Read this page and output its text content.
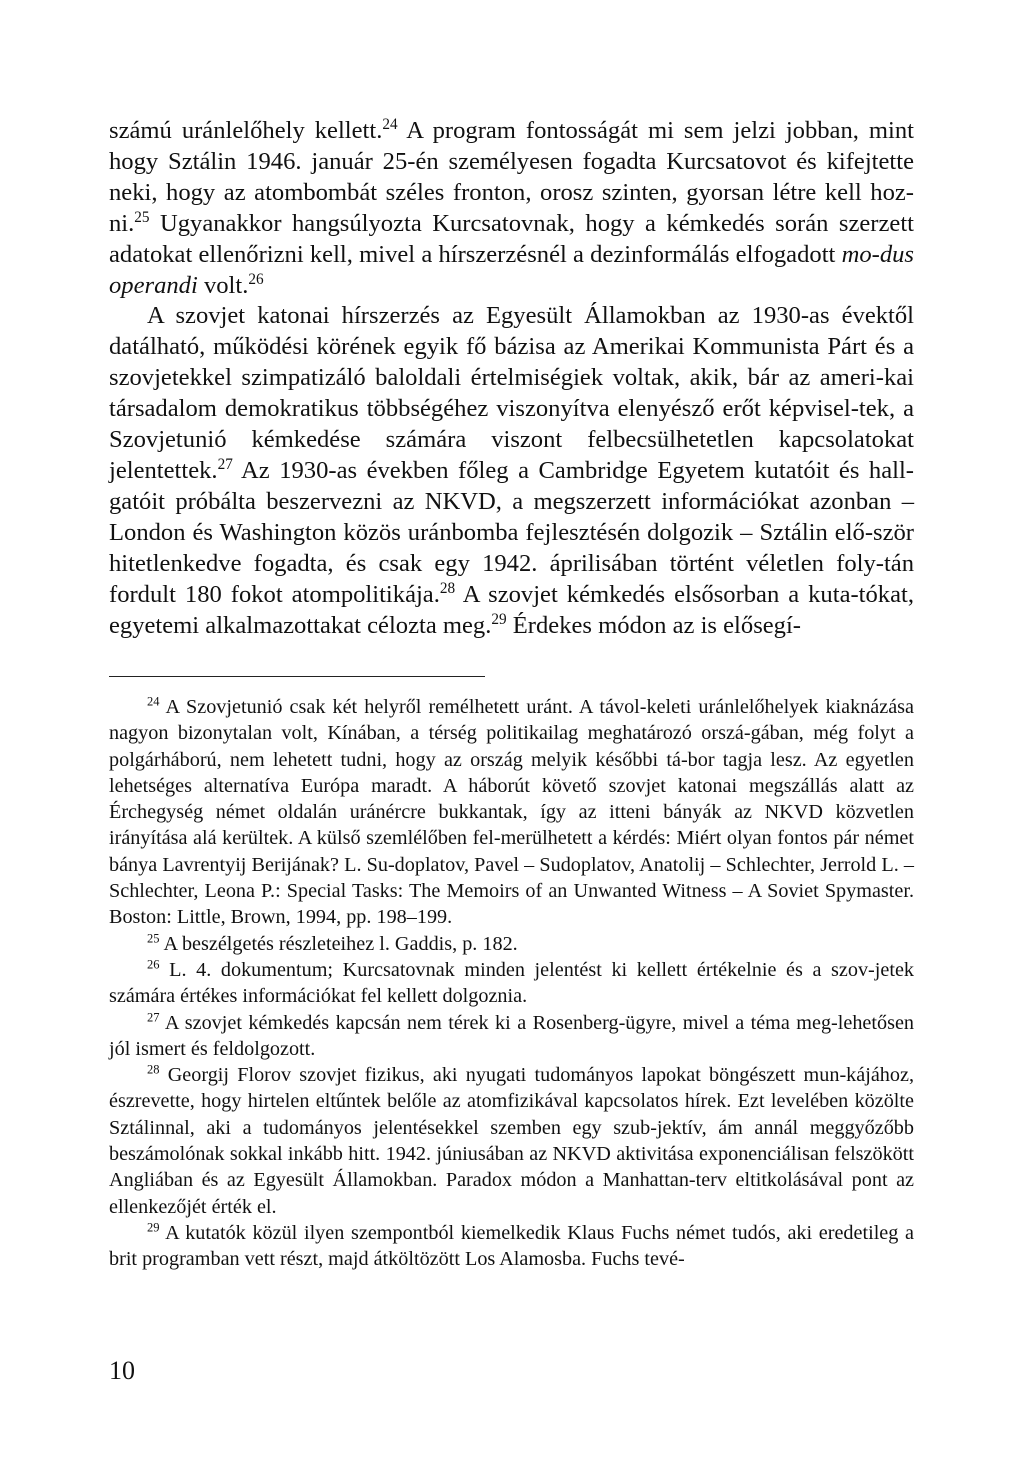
számú uránlelőhely kellett.$^{24}$ A program fontosságát mi sem jelzi jobban, mint hogy Sztálin 1946. január 25-én személyesen fogadta Kurcsatovot és kifejtette neki, hogy az atombombát széles fronton, orosz szinten, gyorsan létre kell hoz-ni.$^{25}$ Ugyanakkor hangsúlyozta Kurcsatovnak, hogy a kémkedés során szerzett adatokat ellenőrizni kell, mivel a hírszerzésnél a dezinformálás elfogadott mo-dus operandi volt.$^{26}$

A szovjet katonai hírszerzés az Egyesült Államokban az 1930-as évektől datálható, működési körének egyik fő bázisa az Amerikai Kommunista Párt és a szovjetekkel szimpatizáló baloldali értelmiségiek voltak, akik, bár az ameri-kai társadalom demokratikus többségéhez viszonyítva elenyésző erőt képvisel-tek, a Szovjetunió kémkedése számára viszont felbecsülhetetlen kapcsolatokat jelentettek.$^{27}$ Az 1930-as években főleg a Cambridge Egyetem kutatóit és hall-gatóit próbálta beszervezni az NKVD, a megszerzett információkat azonban – London és Washington közös uránbomba fejlesztésén dolgozik – Sztálin elő-ször hitetlenkedve fogadta, és csak egy 1942. áprilisában történt véletlen foly-tán fordult 180 fokot atompolitikája.$^{28}$ A szovjet kémkedés elsősorban a kuta-tókat, egyetemi alkalmazottakat célozta meg.$^{29}$ Érdekes módon az is elősegí-

$^{24}$ A Szovjetunió csak két helyről remélhetett uránt. A távol-keleti uránlelőhelyek kiaknázása nagyon bizonytalan volt, Kínában, a térség politikailag meghatározó orszá-gában, még folyt a polgárháború, nem lehetett tudni, hogy az ország melyik későbbi tá-bor tagja lesz. Az egyetlen lehetséges alternatíva Európa maradt. A háborút követő szovjet katonai megszállás alatt az Érchegység német oldalán uránércre bukkantak, így az itteni bányák az NKVD közvetlen irányítása alá kerültek. A külső szemlélőben fel-merülhetett a kérdés: Miért olyan fontos pár német bánya Lavrentyij Berijának? L. Su-doplatov, Pavel – Sudoplatov, Anatolij – Schlechter, Jerrold L. – Schlechter, Leona P.: Special Tasks: The Memoirs of an Unwanted Witness – A Soviet Spymaster. Boston: Little, Brown, 1994, pp. 198–199.

$^{25}$ A beszélgetés részleteihez l. Gaddis, p. 182.

$^{26}$ L. 4. dokumentum; Kurcsatovnak minden jelentést ki kellett értékelnie és a szov-jetek számára értékes információkat fel kellett dolgoznia.

$^{27}$ A szovjet kémkedés kapcsán nem térek ki a Rosenberg-ügyre, mivel a téma meg-lehetősen jól ismert és feldolgozott.

$^{28}$ Georgij Florov szovjet fizikus, aki nyugati tudományos lapokat böngészett mun-kájához, észrevette, hogy hirtelen eltűntek belőle az atomfizikával kapcsolatos hírek. Ezt levelében közölte Sztálinnal, aki a tudományos jelentésekkel szemben egy szub-jektív, ám annál meggyőzőbb beszámolónak sokkal inkább hitt. 1942. júniusában az NKVD aktivitása exponenciálisan felszökött Angliában és az Egyesült Államokban. Paradox módon a Manhattan-terv eltitkolásával pont az ellenkezőjét érték el.

$^{29}$ A kutatók közül ilyen szempontból kiemelkedik Klaus Fuchs német tudós, aki eredetileg a brit programban vett részt, majd átköltözött Los Alamosba. Fuchs tevé-

10
